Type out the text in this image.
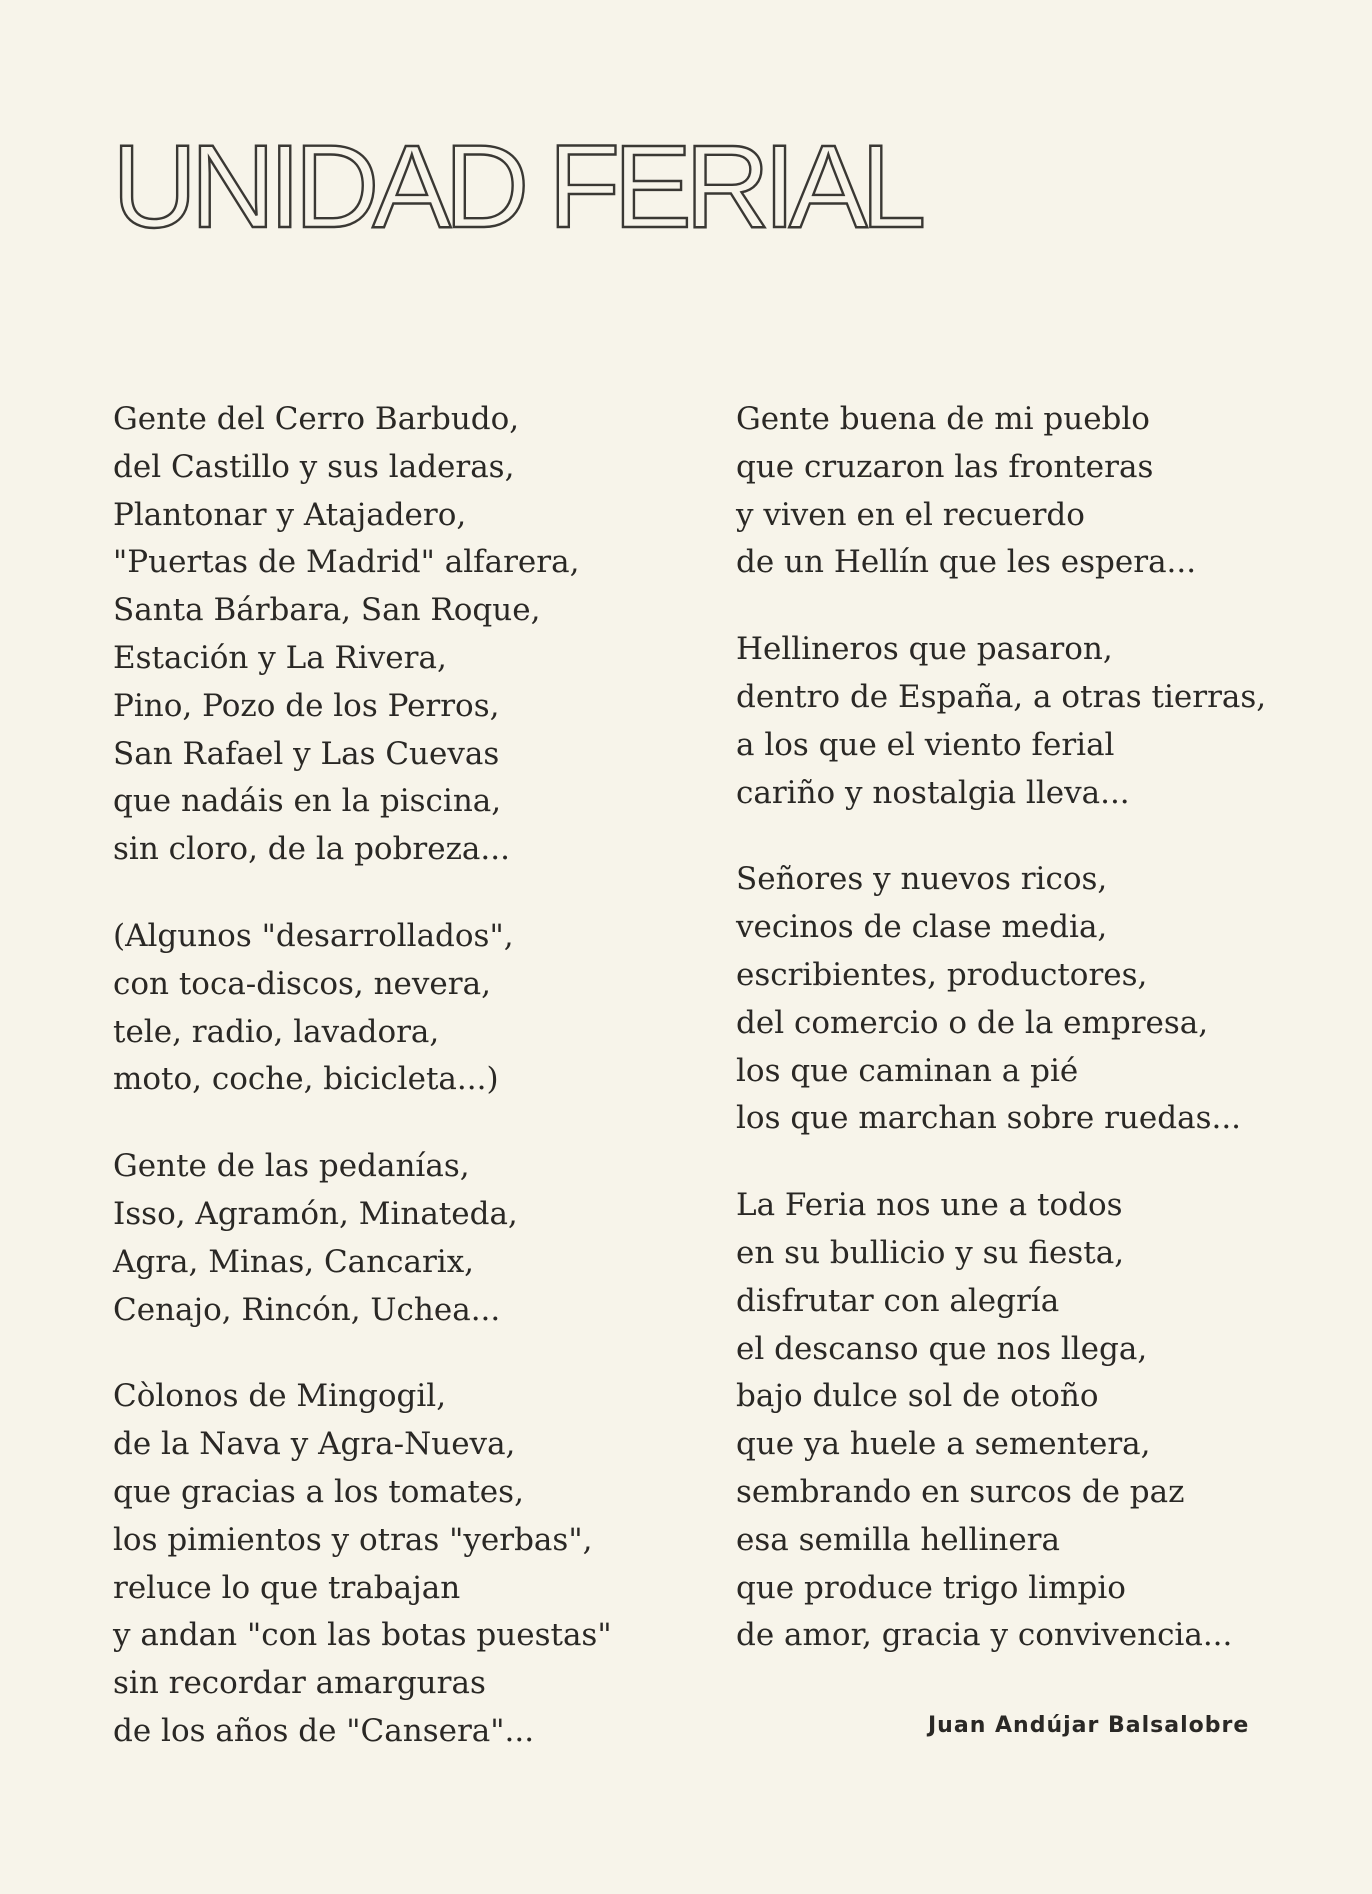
UNIDAD FERIAL
Gente del Cerro Barbudo,
del Castillo y sus laderas,
Plantonar y Atajadero,
"Puertas de Madrid" alfarera,
Santa Bárbara, San Roque,
Estación y La Rivera,
Pino, Pozo de los Perros,
San Rafael y Las Cuevas
que nadáis en la piscina,
sin cloro, de la pobreza...
(Algunos "desarrollados",
con toca-discos, nevera,
tele, radio, lavadora,
moto, coche, bicicleta...)
Gente de las pedanías,
Isso, Agramón, Minateda,
Agra, Minas, Cancarix,
Cenajo, Rincón, Uchea...
Còlonos de Mingogil,
de la Nava y Agra-Nueva,
que gracias a los tomates,
los pimientos y otras "yerbas",
reluce lo que trabajan
y andan "con las botas puestas"
sin recordar amarguras
de los años de "Cansera"...
Gente buena de mi pueblo
que cruzaron las fronteras
y viven en el recuerdo
de un Hellín que les espera...
Hellineros que pasaron,
dentro de España, a otras tierras,
a los que el viento ferial
cariño y nostalgia lleva...
Señores y nuevos ricos,
vecinos de clase media,
escribientes, productores,
del comercio o de la empresa,
los que caminan a pié
los que marchan sobre ruedas...
La Feria nos une a todos
en su bullicio y su fiesta,
disfrutar con alegría
el descanso que nos llega,
bajo dulce sol de otoño
que ya huele a sementera,
sembrando en surcos de paz
esa semilla hellinera
que produce trigo limpio
de amor, gracia y convivencia...
Juan Andújar Balsalobre
